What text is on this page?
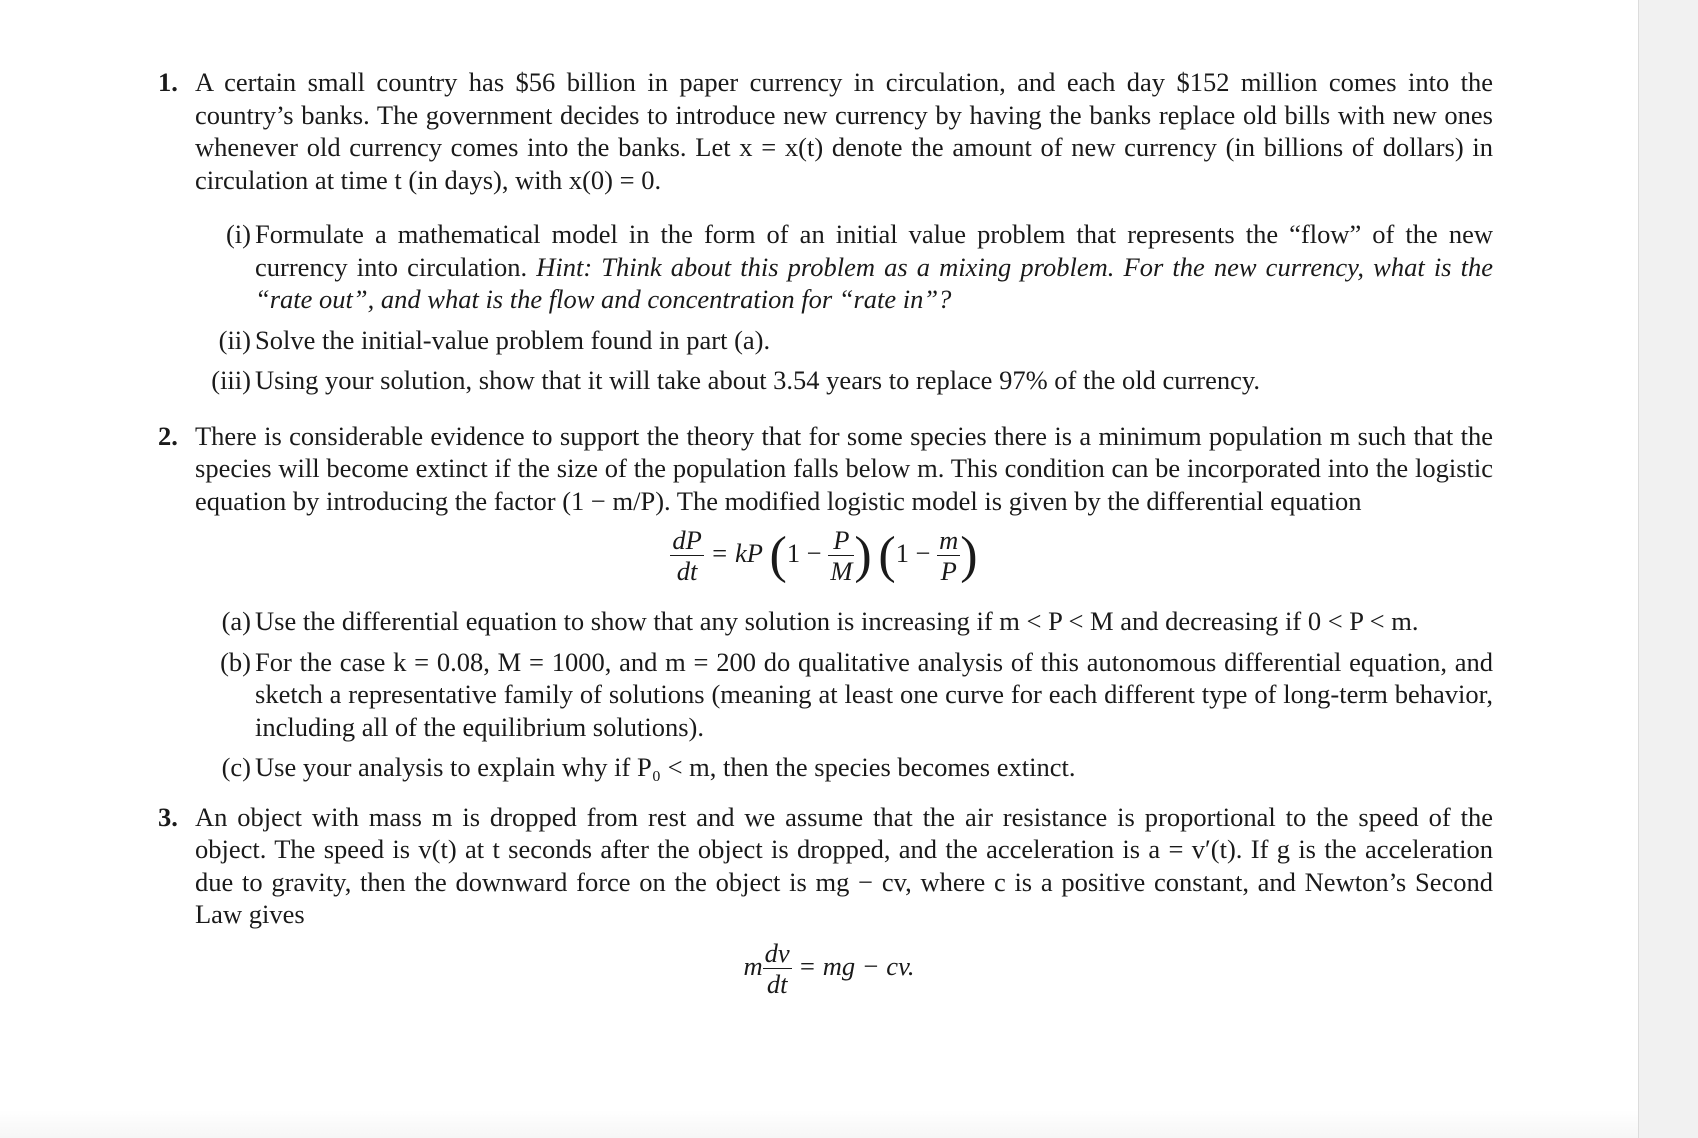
1. A certain small country has $56 billion in paper currency in circulation, and each day $152 million comes into the country’s banks. The government decides to introduce new currency by having the banks replace old bills with new ones whenever old currency comes into the banks. Let x = x(t) denote the amount of new currency (in billions of dollars) in circulation at time t (in days), with x(0) = 0.
(i) Formulate a mathematical model in the form of an initial value problem that represents the “flow” of the new currency into circulation. Hint: Think about this problem as a mixing problem. For the new currency, what is the “rate out”, and what is the flow and concentration for “rate in”?
(ii) Solve the initial-value problem found in part (a).
(iii) Using your solution, show that it will take about 3.54 years to replace 97% of the old currency.
2. There is considerable evidence to support the theory that for some species there is a minimum population m such that the species will become extinct if the size of the population falls below m. This condition can be incorporated into the logistic equation by introducing the factor (1 − m/P). The modified logistic model is given by the differential equation
$\frac{dP}{dt}$ = kP ($1 - \frac{P}{M}$ ) ($1 - \frac{m}{P}$ )
(a) Use the differential equation to show that any solution is increasing if m < P < M and decreasing if 0 < P < m.
(b) For the case k = 0.08, M = 1000, and m = 200 do qualitative analysis of this autonomous differential equation, and sketch a representative family of solutions (meaning at least one curve for each different type of long-term behavior, including all of the equilibrium solutions).
(c) Use your analysis to explain why if P₀ < m, then the species becomes extinct.
3. An object with mass m is dropped from rest and we assume that the air resistance is proportional to the speed of the object. The speed is v(t) at t seconds after the object is dropped, and the acceleration is a = v′(t). If g is the acceleration due to gravity, then the downward force on the object is mg − cv, where c is a positive constant, and Newton’s Second Law gives
m $\frac{dv}{dt}$ = mg − cv.
